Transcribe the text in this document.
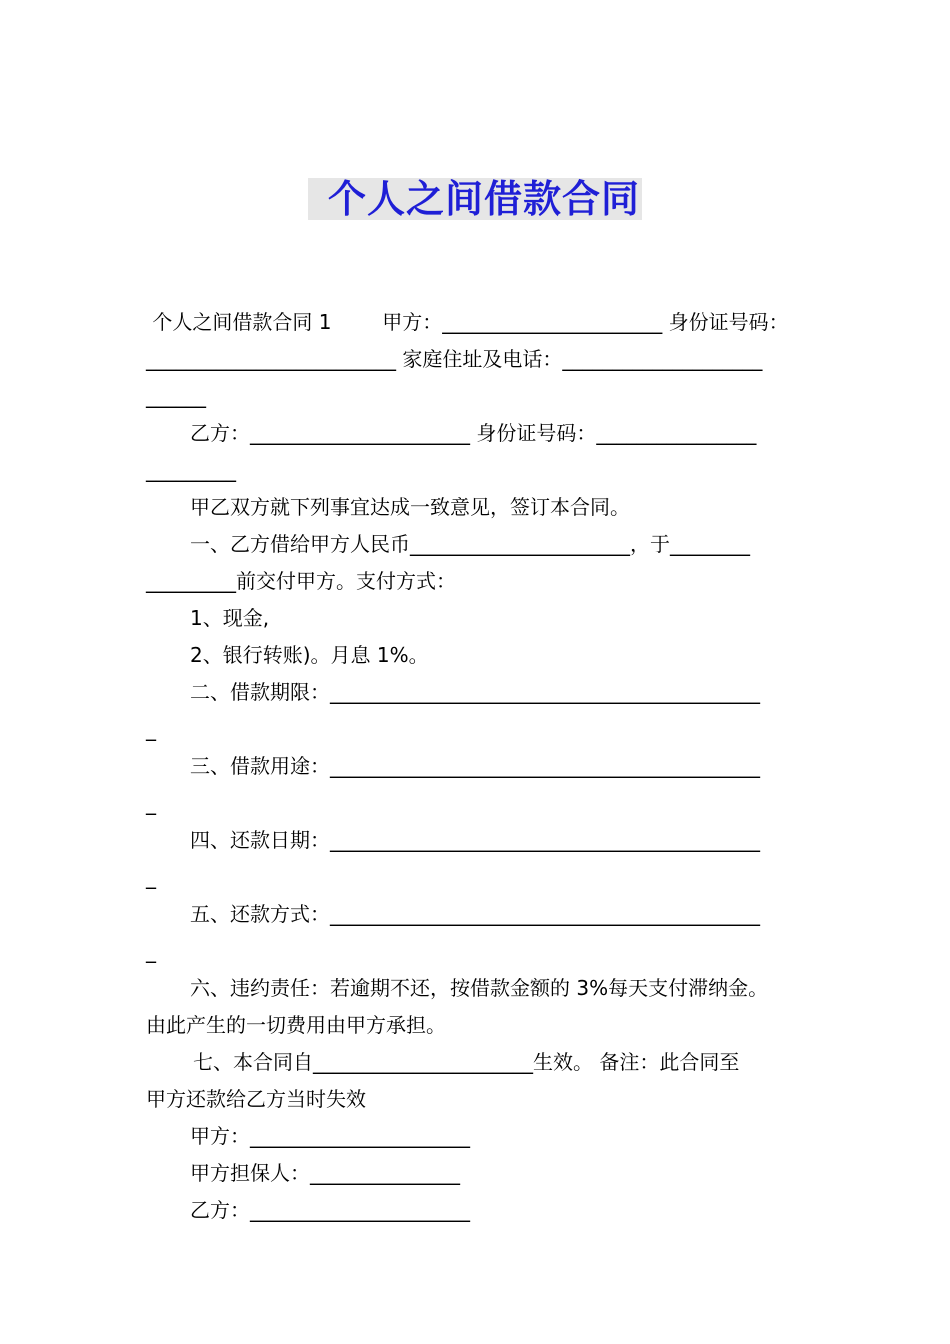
个人之间借款合同
个人之间借款合同 1        甲方：______________________ 身份证号码：
_________________________ 家庭住址及电话：____________________
______
乙方：______________________ 身份证号码：________________
_________
甲乙双方就下列事宜达成一致意见，签订本合同。
一、乙方借给甲方人民币______________________，于________
_________前交付甲方。支付方式：
1、现金,
2、银行转账)。月息 1%。
二、借款期限：___________________________________________
_
三、借款用途：___________________________________________
_
四、还款日期：___________________________________________
_
五、还款方式：___________________________________________
_
六、违约责任：若逾期不还，按借款金额的 3%每天支付滞纳金。
由此产生的一切费用由甲方承担。
七、本合同自______________________生效。 备注：此合同至
甲方还款给乙方当时失效
甲方：______________________
甲方担保人：_______________
乙方：______________________
